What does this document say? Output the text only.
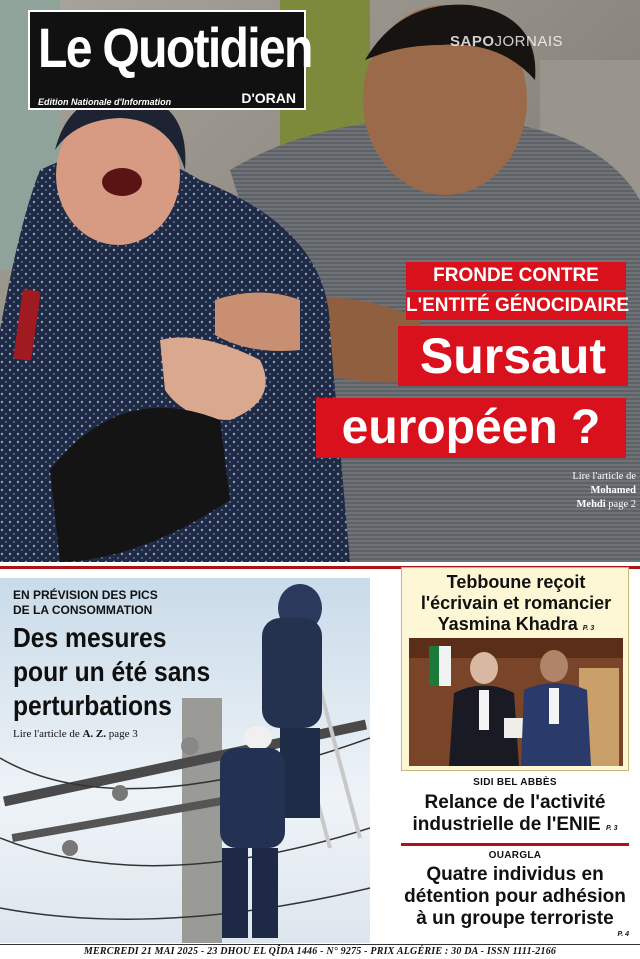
Le Quotidien
Edition Nationale d'Information	D'ORAN
SAPOJORNAIS
FRONDE CONTRE
L'ENTITÉ GÉNOCIDAIRE
Sursaut
européen ?
Lire l'article de
Mohamed
Mehdi page 2
EN PRÉVISION DES PICS
DE LA CONSOMMATION
Des mesures
pour un été sans
perturbations
Lire l'article de A. Z. page 3
Tebboune reçoit
l'écrivain et romancier
Yasmina Khadra P. 3
SIDI BEL ABBÈS
Relance de l'activité
industrielle de l'ENIE P. 3
OUARGLA
Quatre individus en
détention pour adhésion
à un groupe terroriste
P. 4
MERCREDI 21 MAI 2025 - 23 DHOU EL QÎDA 1446 - N° 9275 - PRIX ALGÉRIE : 30 DA - ISSN 1111-2166
